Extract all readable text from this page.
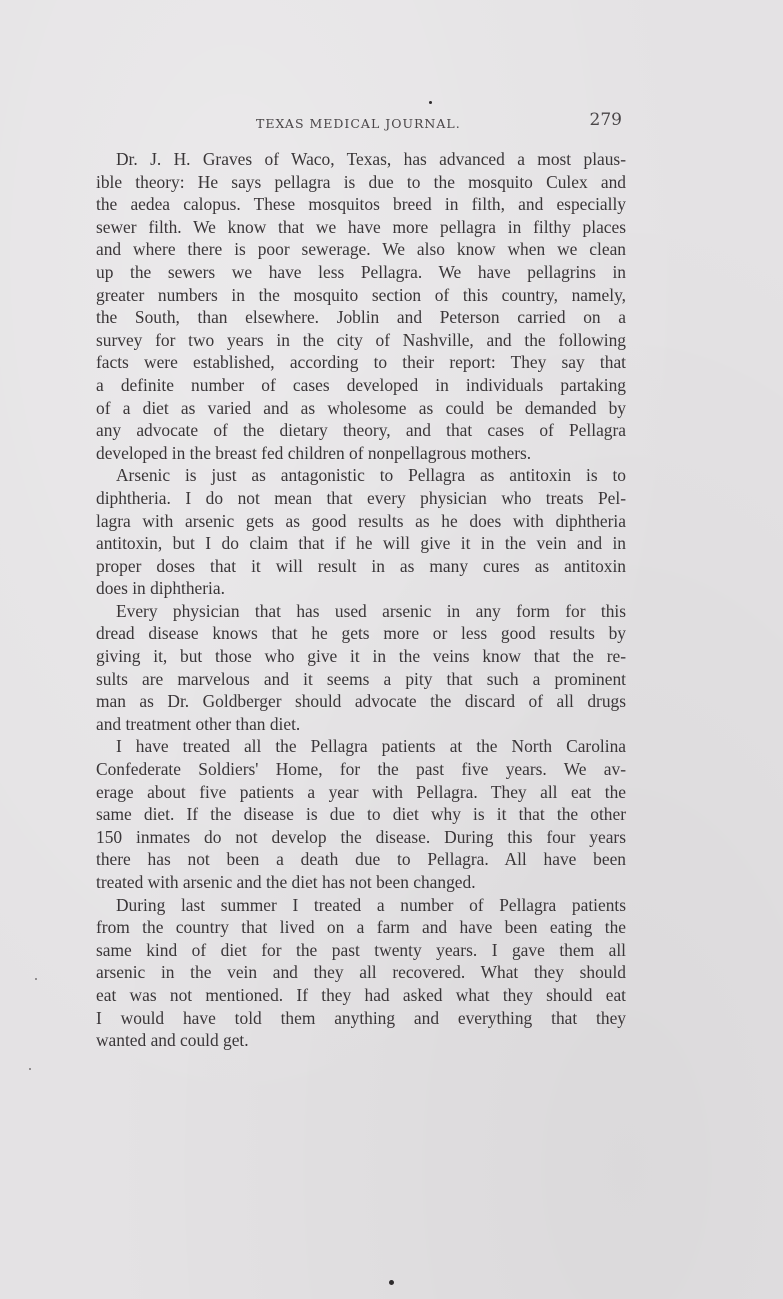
TEXAS MEDICAL JOURNAL.	279
Dr. J. H. Graves of Waco, Texas, has advanced a most plaus-
ible theory: He says pellagra is due to the mosquito Culex and
the aedea calopus. These mosquitos breed in filth, and especially
sewer filth. We know that we have more pellagra in filthy places
and where there is poor sewerage. We also know when we clean
up the sewers we have less Pellagra. We have pellagrins in
greater numbers in the mosquito section of this country, namely,
the South, than elsewhere. Joblin and Peterson carried on a
survey for two years in the city of Nashville, and the following
facts were established, according to their report: They say that
a definite number of cases developed in individuals partaking
of a diet as varied and as wholesome as could be demanded by
any advocate of the dietary theory, and that cases of Pellagra
developed in the breast fed children of nonpellagrous mothers.
Arsenic is just as antagonistic to Pellagra as antitoxin is to
diphtheria. I do not mean that every physician who treats Pel-
lagra with arsenic gets as good results as he does with diphtheria
antitoxin, but I do claim that if he will give it in the vein and in
proper doses that it will result in as many cures as antitoxin
does in diphtheria.
Every physician that has used arsenic in any form for this
dread disease knows that he gets more or less good results by
giving it, but those who give it in the veins know that the re-
sults are marvelous and it seems a pity that such a prominent
man as Dr. Goldberger should advocate the discard of all drugs
and treatment other than diet.
I have treated all the Pellagra patients at the North Carolina
Confederate Soldiers' Home, for the past five years. We av-
erage about five patients a year with Pellagra. They all eat the
same diet. If the disease is due to diet why is it that the other
150 inmates do not develop the disease. During this four years
there has not been a death due to Pellagra. All have been
treated with arsenic and the diet has not been changed.
During last summer I treated a number of Pellagra patients
from the country that lived on a farm and have been eating the
same kind of diet for the past twenty years. I gave them all
arsenic in the vein and they all recovered. What they should
eat was not mentioned. If they had asked what they should eat
I would have told them anything and everything that they
wanted and could get.
